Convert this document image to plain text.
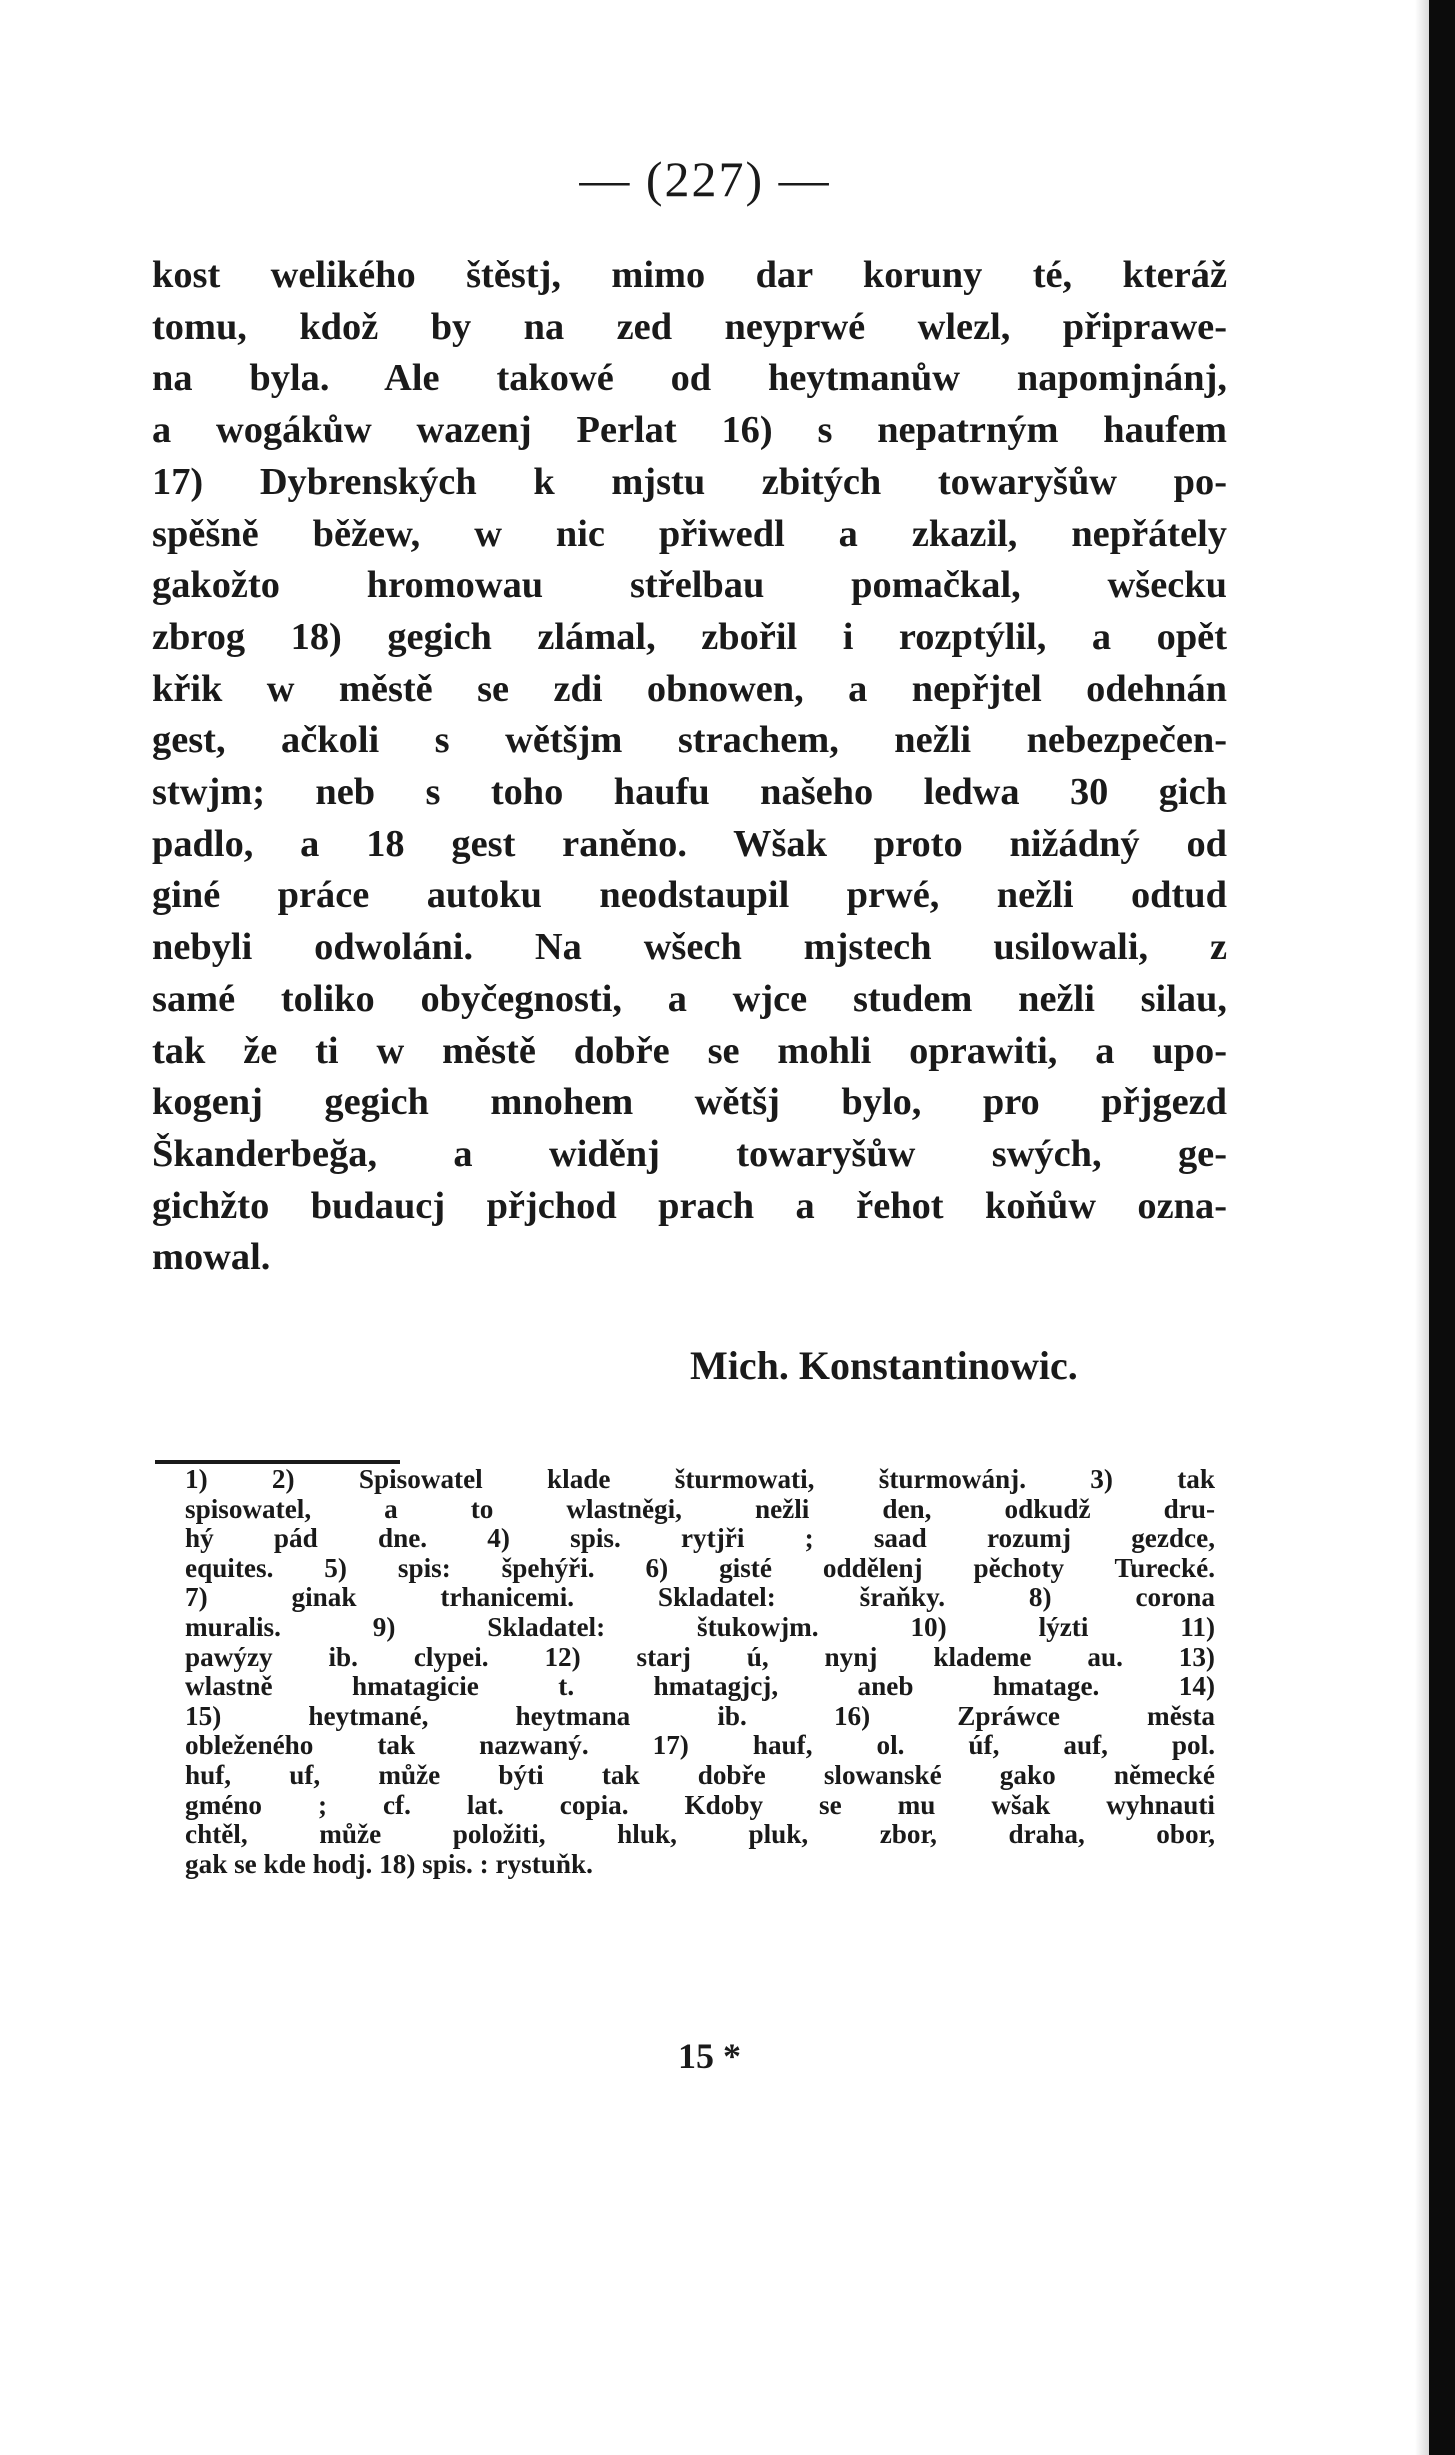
— (227) —
kost welikého štěstj, mimo dar koruny té, kteráž
tomu, kdož by na zed neyprwé wlezl, připrawe-
na byla. Ale takowé od heytmanůw napomjnánj,
a wogákůw wazenj Perlat 16) s nepatrným haufem
17) Dybrenských k mjstu zbitých towaryšůw po-
spěšně běžew, w nic přiwedl a zkazil, nepřátely
gakožto hromowau střelbau pomačkal, wšecku
zbrog 18) gegich zlámal, zbořil i rozptýlil, a opět
křik w městě se zdi obnowen, a nepřjtel odehnán
gest, ačkoli s wětšjm strachem, nežli nebezpečen-
stwjm; neb s toho haufu našeho ledwa 30 gich
padlo, a 18 gest raněno. Wšak proto nižádný od
giné práce autoku neodstaupil prwé, nežli odtud
nebyli odwoláni. Na wšech mjstech usilowali, z
samé toliko obyčegnosti, a wjce studem nežli silau,
tak že ti w městě dobře se mohli oprawiti, a upo-
kogenj gegich mnohem wětšj bylo, pro přjgezd
Škanderbeğa, a widěnj towaryšůw swých, ge-
gichžto budaucj přjchod prach a řehot koňůw ozna-
mowal.
Mich. Konstantinowic.
1) 2) Spisowatel klade šturmowati, šturmowánj. 3) tak
spisowatel, a to wlastněgi, nežli den, odkudž dru-
hý pád dne. 4) spis. rytjři ; saad rozumj gezdce,
equites. 5) spis: špehýři. 6) gisté oddělenj pěchoty Turecké.
7) ginak trhanicemi. Skladatel: šraňky. 8) corona
muralis. 9) Skladatel: štukowjm. 10) lýzti 11)
pawýzy ib. clypei. 12) starj ú, nynj klademe au. 13)
wlastně hmatagicie t. hmatagjcj, aneb hmatage. 14)
15) heytmané, heytmana ib. 16) Zpráwce města
obleženého tak nazwaný. 17) hauf, ol. úf, auf, pol.
huf, uf, může býti tak dobře slowanské gako německé
gméno ; cf. lat. copia. Kdoby se mu wšak wyhnauti
chtěl, může položiti, hluk, pluk, zbor, draha, obor,
gak se kde hodj. 18) spis. : rystuňk.
15 *
